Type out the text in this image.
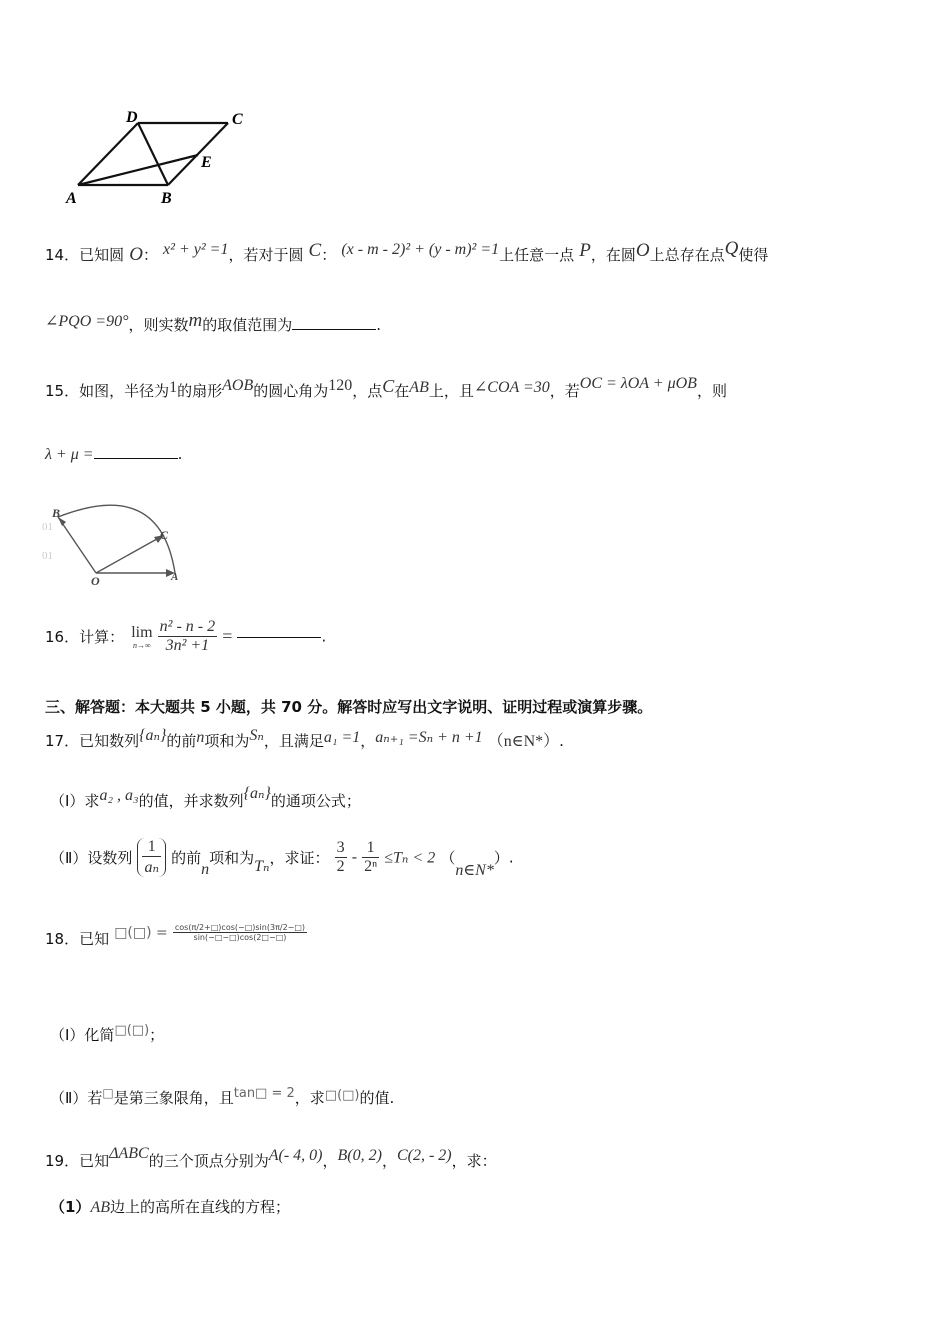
D	C
E
A	B
14．已知圆 O： x² + y² =1，若对于圆 C： (x - m - 2)² + (y - m)² =1上任意一点 P，在圆O上总存在点Q使得
∠PQO =90°，则实数m的取值范围为	.
15．如图，半径为1的扇形AOB的圆心角为120，点C在AB上，且∠COA =30，若OC = λOA + μOB，则
λ + μ =	.
01
01
B
C
O	A
16．计算： lim
n→∞
$\frac{\text{n² - n - 2}}{\text{3n² +1}}$ =	.
三、解答题：本大题共 5 小题，共 70 分。解答时应写出文字说明、证明过程或演算步骤。
17．已知数列{aₙ}的前n项和为Sₙ，且满足a₁ =1，aₙ₊₁ =Sₙ + n +1 （n∈N*）.
（Ⅰ）求a₂ , a₃的值，并求数列{aₙ}的通项公式；
（Ⅱ）设数列 $\frac{1}{\text{aₙ}}$ 的前n项和为Tₙ，求证： $\frac{3}{2} - \frac{1}{\text{2ⁿ}} \le T_n < 2$ （n∈N*）.
18．已知 □(□) = $\frac{\cos(\pi/2+□)\cos(-□)\sin(3\pi/2-□)}{\sin(-□-□)\cos(2□-□)}$
（Ⅰ）化简□(□)；
（Ⅱ）若□是第三象限角，且$^{tan□ = 2}$，求□(□)的值.
19．已知ΔABC的三个顶点分别为A(- 4, 0)，B(0, 2)，C(2, - 2)，求：
（1）AB边上的高所在直线的方程；
